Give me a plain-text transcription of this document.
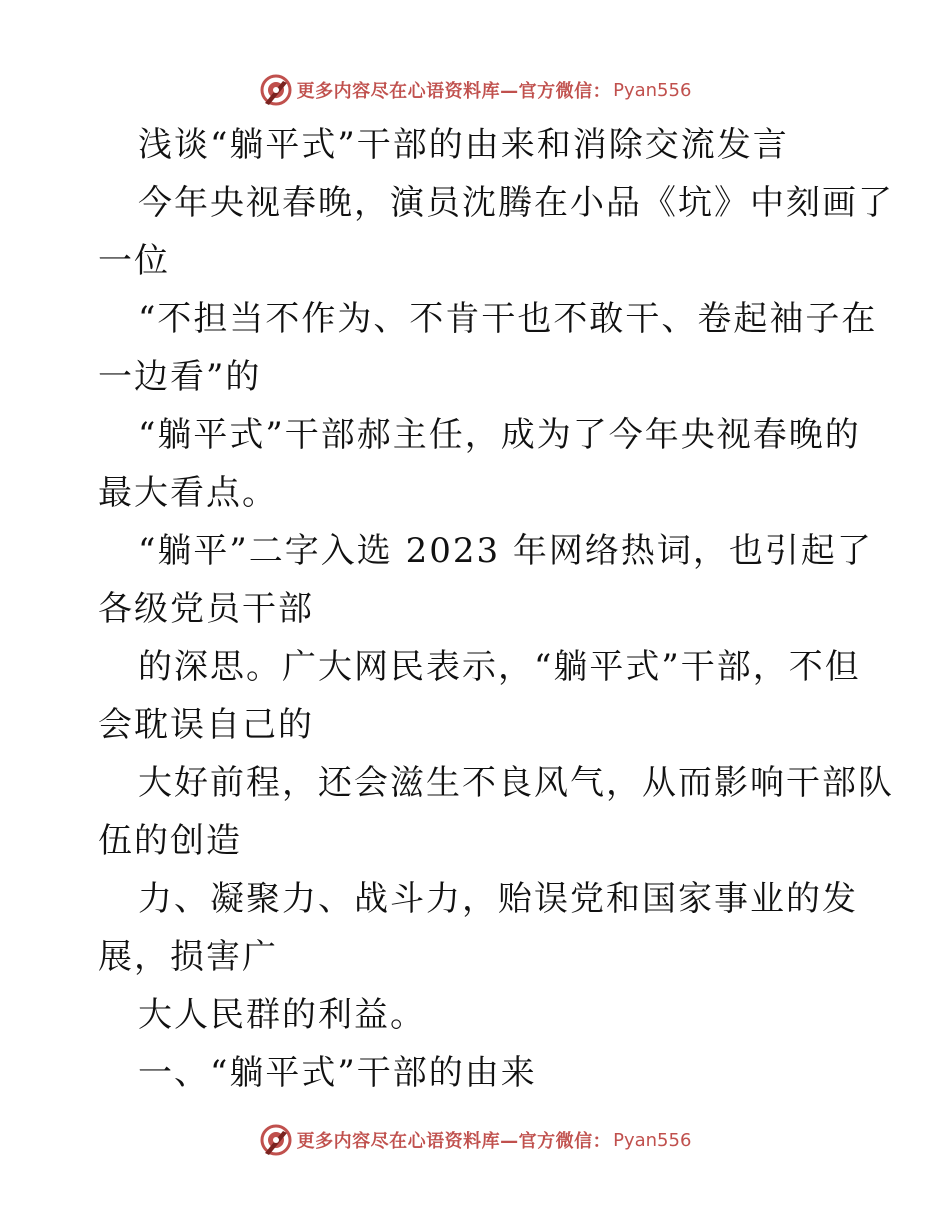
更多内容尽在心语资料库—官方微信： Pyan556
浅谈“躺平式”干部的由来和消除交流发言
今年央视春晚，演员沈腾在小品《坑》中刻画了
一位
“不担当不作为、不肯干也不敢干、卷起袖子在
一边看”的
“躺平式”干部郝主任，成为了今年央视春晚的
最大看点。
“躺平”二字入选 2023 年网络热词，也引起了
各级党员干部
的深思。广大网民表示，“躺平式”干部，不但
会耽误自己的
大好前程，还会滋生不良风气，从而影响干部队
伍的创造
力、凝聚力、战斗力，贻误党和国家事业的发
展，损害广
大人民群的利益。
一、“躺平式”干部的由来
更多内容尽在心语资料库—官方微信： Pyan556
